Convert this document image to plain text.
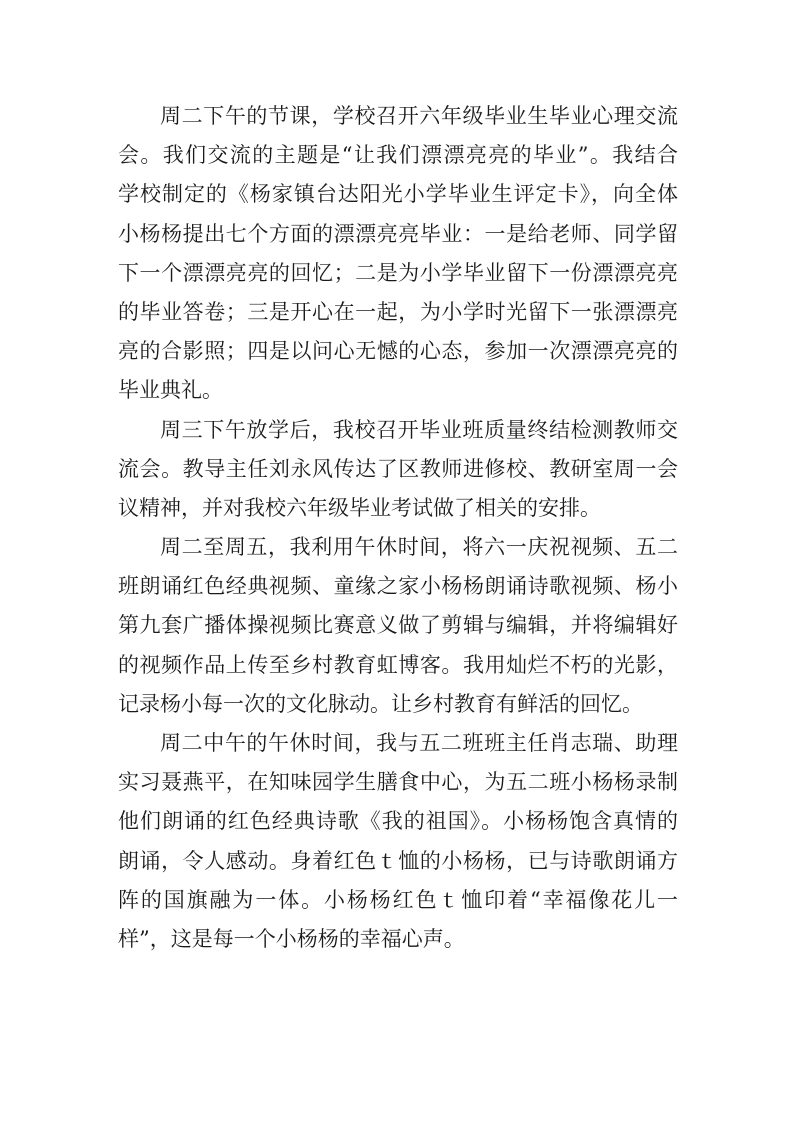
周二下午的节课，学校召开六年级毕业生毕业心理交流
会。我们交流的主题是“让我们漂漂亮亮的毕业”。我结合
学校制定的《杨家镇台达阳光小学毕业生评定卡》，向全体
小杨杨提出七个方面的漂漂亮亮毕业：一是给老师、同学留
下一个漂漂亮亮的回忆；二是为小学毕业留下一份漂漂亮亮
的毕业答卷；三是开心在一起，为小学时光留下一张漂漂亮
亮的合影照；四是以问心无憾的心态，参加一次漂漂亮亮的
毕业典礼。
周三下午放学后，我校召开毕业班质量终结检测教师交
流会。教导主任刘永风传达了区教师进修校、教研室周一会
议精神，并对我校六年级毕业考试做了相关的安排。
周二至周五，我利用午休时间，将六一庆祝视频、五二
班朗诵红色经典视频、童缘之家小杨杨朗诵诗歌视频、杨小
第九套广播体操视频比赛意义做了剪辑与编辑，并将编辑好
的视频作品上传至乡村教育虹博客。我用灿烂不朽的光影，
记录杨小每一次的文化脉动。让乡村教育有鲜活的回忆。
周二中午的午休时间，我与五二班班主任肖志瑞、助理
实习聂燕平，在知味园学生膳食中心，为五二班小杨杨录制
他们朗诵的红色经典诗歌《我的祖国》。小杨杨饱含真情的
朗诵，令人感动。身着红色ｔ恤的小杨杨，已与诗歌朗诵方
阵的国旗融为一体。小杨杨红色ｔ恤印着“幸福像花儿一
样”，这是每一个小杨杨的幸福心声。
